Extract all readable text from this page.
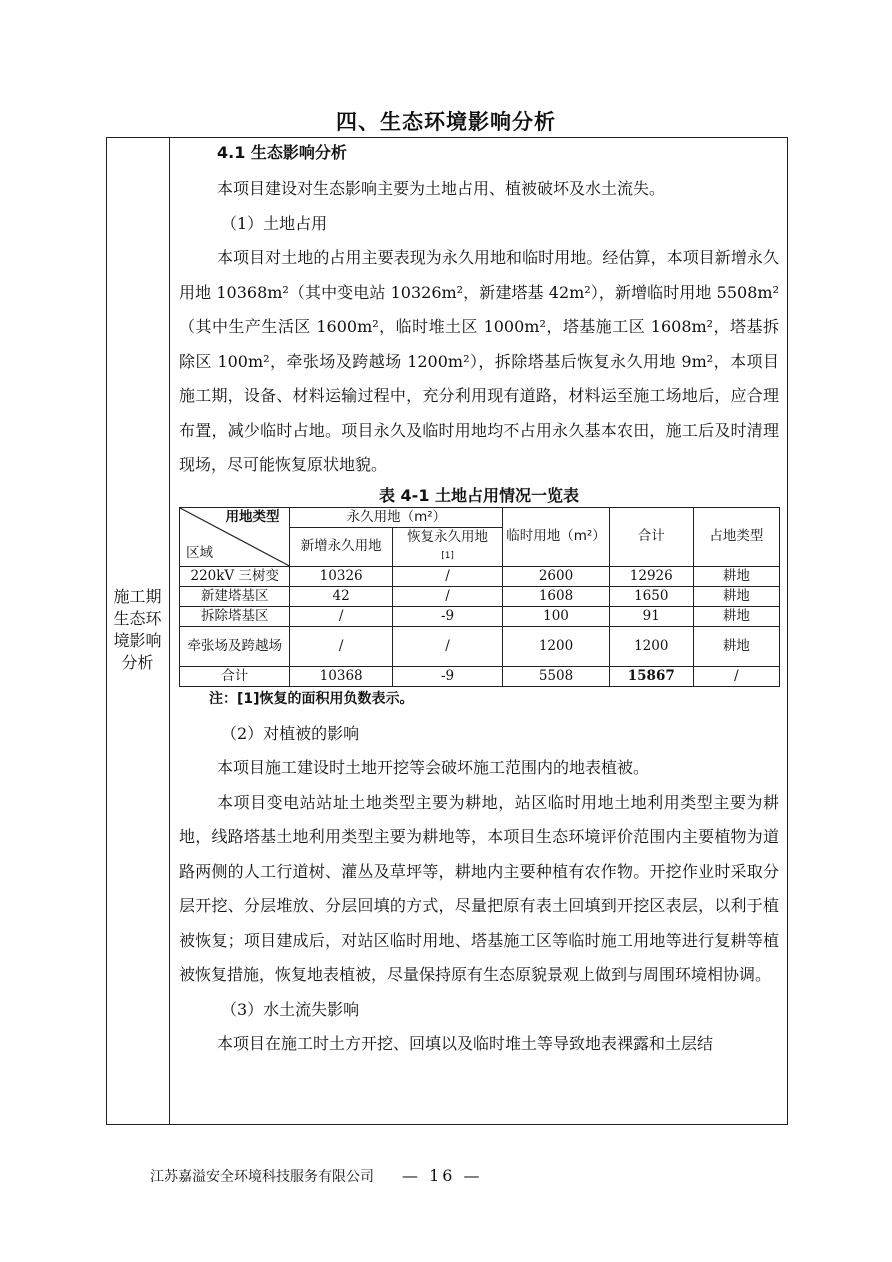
四、生态环境影响分析
施工期
生态环
境影响
分析
4.1 生态影响分析

本项目建设对生态影响主要为土地占用、植被破坏及水土流失。

（1）土地占用

本项目对土地的占用主要表现为永久用地和临时用地。经估算，本项目新增永久用地 10368m²（其中变电站 10326m²，新建塔基 42m²），新增临时用地 5508m²（其中生产生活区 1600m²，临时堆土区 1000m²，塔基施工区 1608m²，塔基拆除区 100m²，牵张场及跨越场 1200m²），拆除塔基后恢复永久用地 9m²，本项目施工期，设备、材料运输过程中，充分利用现有道路，材料运至施工场地后，应合理布置，减少临时占地。项目永久及临时用地均不占用永久基本农田，施工后及时清理现场，尽可能恢复原状地貌。

表 4-1 土地占用情况一览表
用地类型
区域	永久用地（m²）		临时用地（m²）	合计	占地类型
	新增永久用地	恢复永久用地
[1]			
220kV 三树变	10326	/	2600	12926	耕地
新建塔基区	42	/	1608	1650	耕地
拆除塔基区	/	-9	100	91	耕地
牵张场及跨越场	/	/	1200	1200	耕地
合计	10368	-9	5508	15867	/
注：[1]恢复的面积用负数表示。

（2）对植被的影响

本项目施工建设时土地开挖等会破坏施工范围内的地表植被。

本项目变电站站址土地类型主要为耕地，站区临时用地土地利用类型主要为耕地，线路塔基土地利用类型主要为耕地等，本项目生态环境评价范围内主要植物为道路两侧的人工行道树、灌丛及草坪等，耕地内主要种植有农作物。开挖作业时采取分层开挖、分层堆放、分层回填的方式，尽量把原有表土回填到开挖区表层，以利于植被恢复；项目建成后，对站区临时用地、塔基施工区等临时施工用地等进行复耕等植被恢复措施，恢复地表植被，尽量保持原有生态原貌景观上做到与周围环境相协调。

（3）水土流失影响

本项目在施工时土方开挖、回填以及临时堆土等导致地表裸露和土层结

江苏嘉溢安全环境科技服务有限公司 — 16 —
